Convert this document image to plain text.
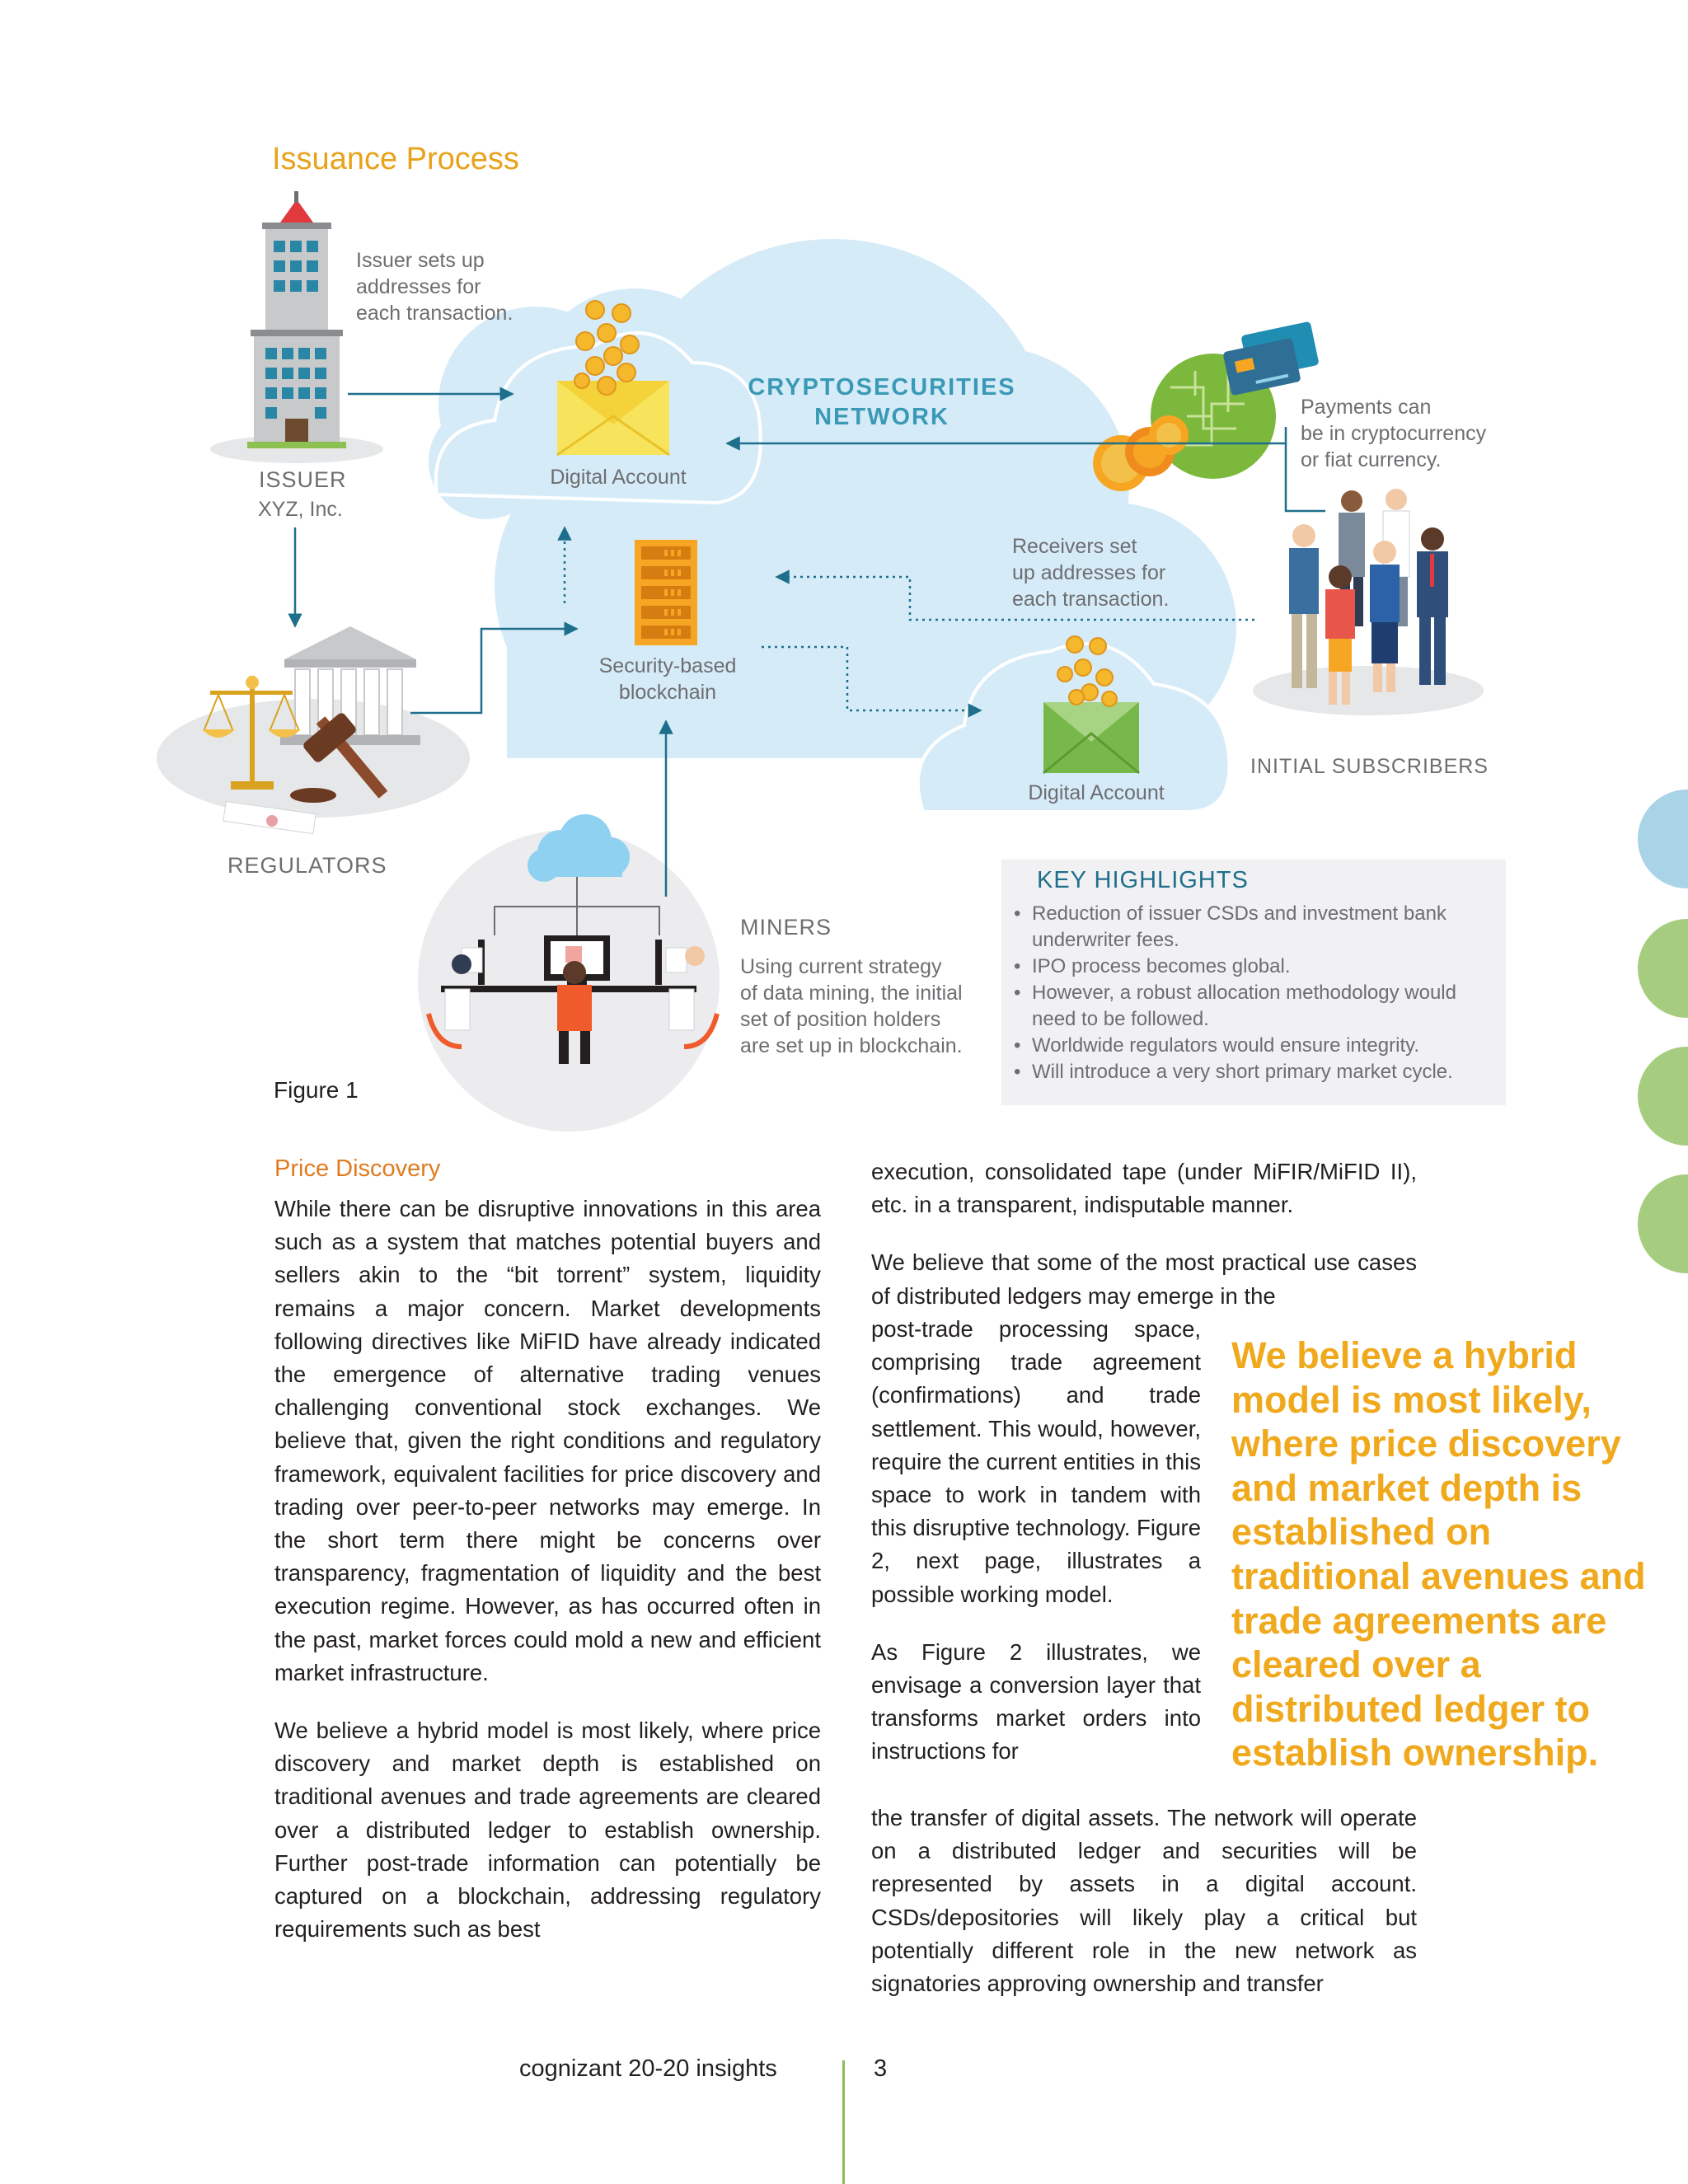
Issuance Process
Issuer sets up
addresses for
each transaction.
ISSUER
XYZ, Inc.
CRYPTOSECURITIES
NETWORK
Digital Account
Security-based
blockchain
Payments can
be in cryptocurrency
or fiat currency.
Receivers set
up addresses for
each transaction.
Digital Account
INITIAL SUBSCRIBERS
REGULATORS
MINERS
Using current strategy
of data mining, the initial
set of position holders
are set up in blockchain.
KEY HIGHLIGHTS
• Reduction of issuer CSDs and investment bank underwriter fees.
• IPO process becomes global.
• However, a robust allocation methodology would need to be followed.
• Worldwide regulators would ensure integrity.
• Will introduce a very short primary market cycle.
Figure 1
Price Discovery

While there can be disruptive innovations in this area such as a system that matches potential buyers and sellers akin to the “bit torrent” system, liquidity remains a major concern. Market developments following directives like MiFID have already indicated the emergence of alternative trading venues challenging conventional stock exchanges. We believe that, given the right conditions and regulatory framework, equivalent facilities for price discovery and trading over peer-to-peer networks may emerge. In the short term there might be concerns over transparency, fragmentation of liquidity and the best execution regime. However, as has occurred often in the past, market forces could mold a new and efficient market infrastructure.

We believe a hybrid model is most likely, where price discovery and market depth is established on traditional avenues and trade agreements are cleared over a distributed ledger to establish ownership. Further post-trade information can potentially be captured on a blockchain, addressing regulatory requirements such as best

execution, consolidated tape (under MiFIR/MiFID II), etc. in a transparent, indisputable manner.

We believe that some of the most practical use cases of distributed ledgers may emerge in the

post-trade processing space, comprising trade agreement (confirmations) and trade settlement. This would, however, require the current entities in this space to work in tandem with this disruptive technology. Figure 2, next page, illustrates a possible working model.

As Figure 2 illustrates, we envisage a conversion layer that transforms market orders into instructions for

the transfer of digital assets. The network will operate on a distributed ledger and securities will be represented by assets in a digital account. CSDs/depositories will likely play a critical but potentially different role in the new network as signatories approving ownership and transfer

We believe a hybrid model is most likely, where price discovery and market depth is established on traditional avenues and trade agreements are cleared over a distributed ledger to establish ownership.
cognizant 20-20 insights	3
